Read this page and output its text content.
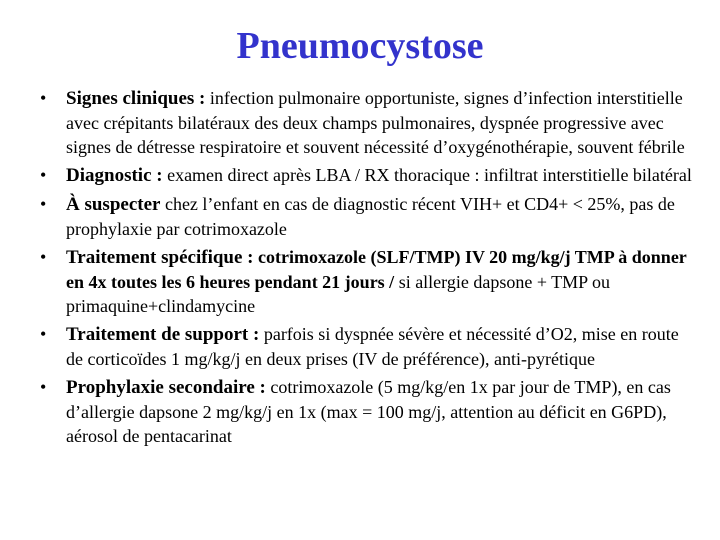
Pneumocystose
• Signes cliniques : infection pulmonaire opportuniste, signes d’infection interstitielle avec crépitants bilatéraux des deux champs pulmonaires, dyspnée progressive avec signes de détresse respiratoire et souvent nécessité d’oxygénothérapie, souvent fébrile
• Diagnostic : examen direct après LBA / RX thoracique : infiltrat interstitielle bilatéral
• À suspecter chez l’enfant en cas de diagnostic récent VIH+ et CD4+ < 25%, pas de prophylaxie par cotrimoxazole
• Traitement spécifique : cotrimoxazole (SLF/TMP) IV 20 mg/kg/j TMP à donner en 4x toutes les 6 heures pendant 21 jours / si allergie dapsone + TMP ou primaquine+clindamycine
• Traitement de support : parfois si dyspnée sévère et nécessité d’O2, mise en route de corticoïdes 1 mg/kg/j en deux prises (IV de préférence), anti-pyrétique
• Prophylaxie secondaire : cotrimoxazole (5 mg/kg/en 1x par jour de TMP), en cas d’allergie dapsone 2 mg/kg/j en 1x (max = 100 mg/j, attention au déficit en G6PD), aérosol de pentacarinat
